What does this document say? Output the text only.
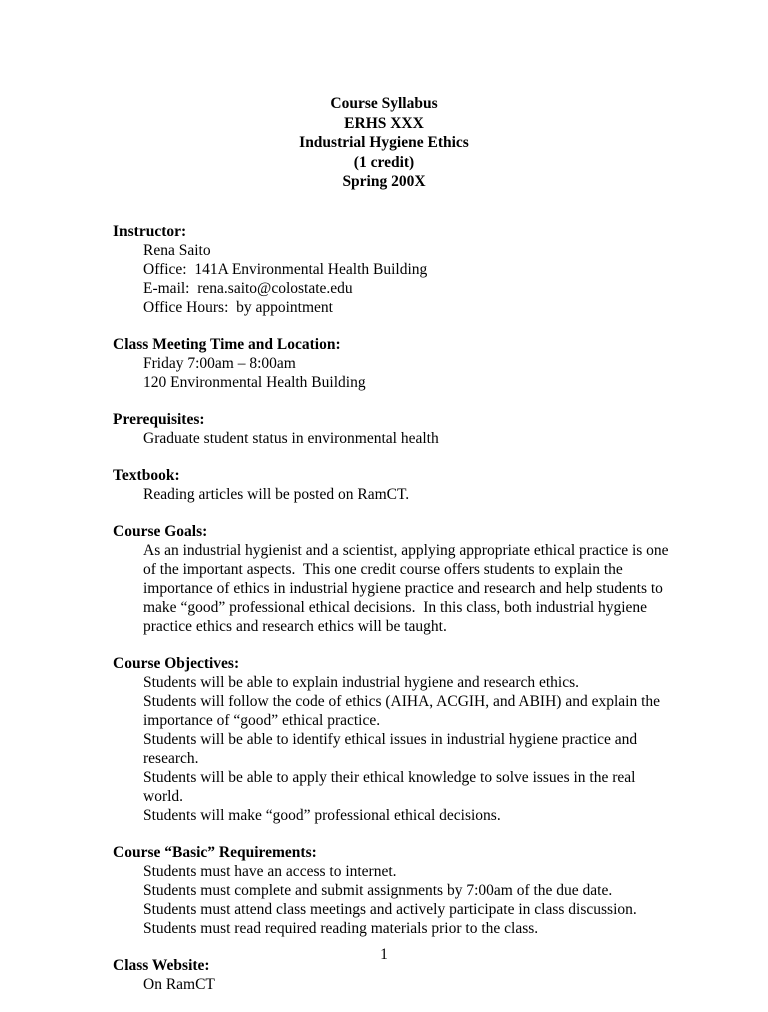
Course Syllabus
ERHS XXX
Industrial Hygiene Ethics
(1 credit)
Spring 200X
Instructor:
Rena Saito
Office:  141A Environmental Health Building
E-mail:  rena.saito@colostate.edu
Office Hours:  by appointment
Class Meeting Time and Location:
Friday 7:00am – 8:00am
120 Environmental Health Building
Prerequisites:
Graduate student status in environmental health
Textbook:
Reading articles will be posted on RamCT.
Course Goals:
As an industrial hygienist and a scientist, applying appropriate ethical practice is one of the important aspects.  This one credit course offers students to explain the importance of ethics in industrial hygiene practice and research and help students to make “good” professional ethical decisions.  In this class, both industrial hygiene practice ethics and research ethics will be taught.
Course Objectives:
Students will be able to explain industrial hygiene and research ethics.
Students will follow the code of ethics (AIHA, ACGIH, and ABIH) and explain the importance of “good” ethical practice.
Students will be able to identify ethical issues in industrial hygiene practice and research.
Students will be able to apply their ethical knowledge to solve issues in the real world.
Students will make “good” professional ethical decisions.
Course “Basic” Requirements:
Students must have an access to internet.
Students must complete and submit assignments by 7:00am of the due date.
Students must attend class meetings and actively participate in class discussion.
Students must read required reading materials prior to the class.
Class Website:
On RamCT
1
